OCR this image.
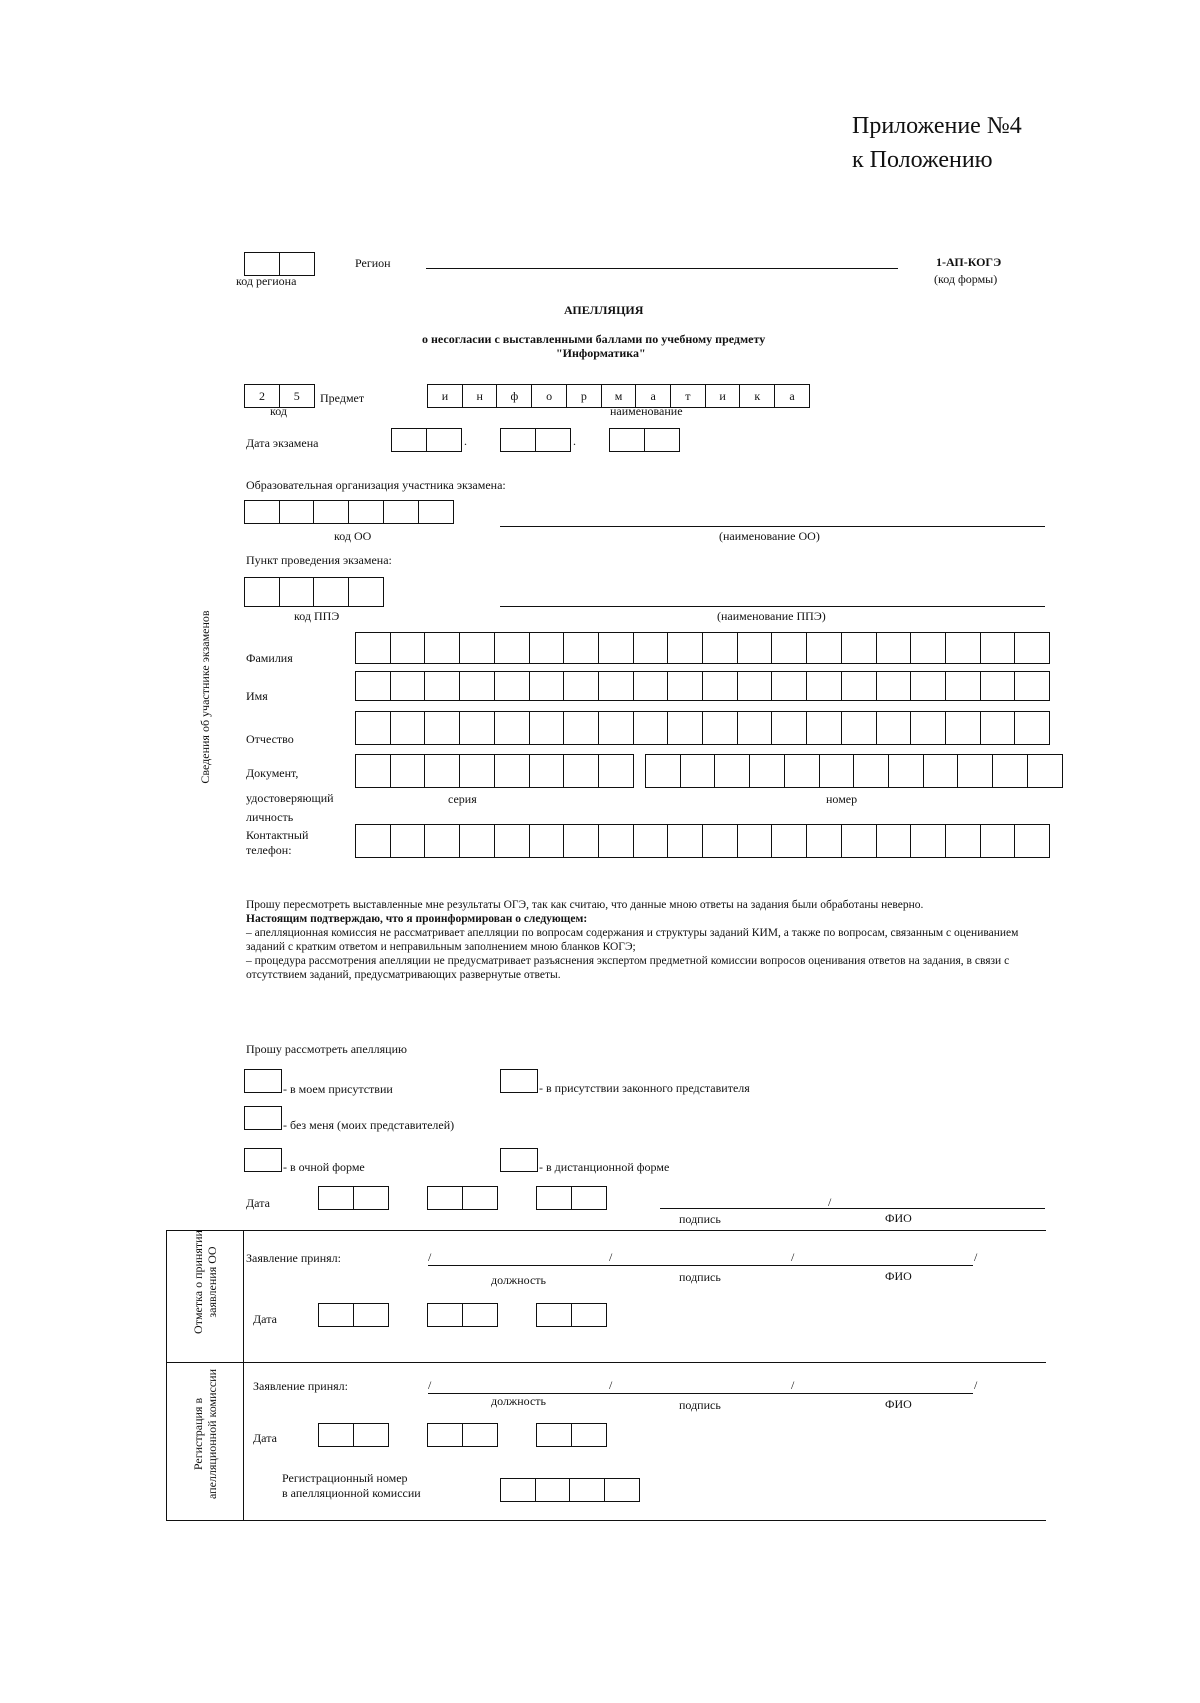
Приложение №4
к Положению
код региона
Регион	1-АП-КОГЭ
(код формы)
АПЕЛЛЯЦИЯ
о несогласии с выставленными баллами по учебному предмету
"Информатика"
2	5
код
Предмет	и	н	ф	о	р	м	а	т	и	к	а
наименование
Дата экзамена	.	.
Образовательная организация участника экзамена:
код ОО	(наименование ОО)
Пункт проведения экзамена:
код ППЭ	(наименование ППЭ)
Сведения об участнике экзаменов	Фамилия
Имя
Отчество
Документ,
удостоверяющий
личность
серия	номер
Контактный
телефон:
Прошу пересмотреть выставленные мне результаты ОГЭ, так как считаю, что данные мною ответы на задания были обработаны неверно.
Настоящим подтверждаю, что я проинформирован о следующем:
– апелляционная комиссия не рассматривает апелляции по вопросам содержания и структуры заданий КИМ, а также по вопросам, связанным с оцениванием заданий с кратким ответом и неправильным заполнением мною бланков КОГЭ;
– процедура рассмотрения апелляции не предусматривает разъяснения экспертом предметной комиссии вопросов оценивания ответов на задания, в связи с отсутствием заданий, предусматривающих развернутые ответы.
Прошу рассмотреть апелляцию
- в моем присутствии	- в присутствии законного представителя
- без меня (моих представителей)
- в очной форме	- в дистанционной форме
Дата	/
подпись	ФИО
Отметка о принятии заявления ОО Заявление принял:	/	/	/	/
должность	подпись	ФИО
Дата
Регистрация в апелляционной комиссии	Заявление принял:	/	/	/	/
должность	подпись	ФИО
Дата
Регистрационный номер
в апелляционной комиссии
